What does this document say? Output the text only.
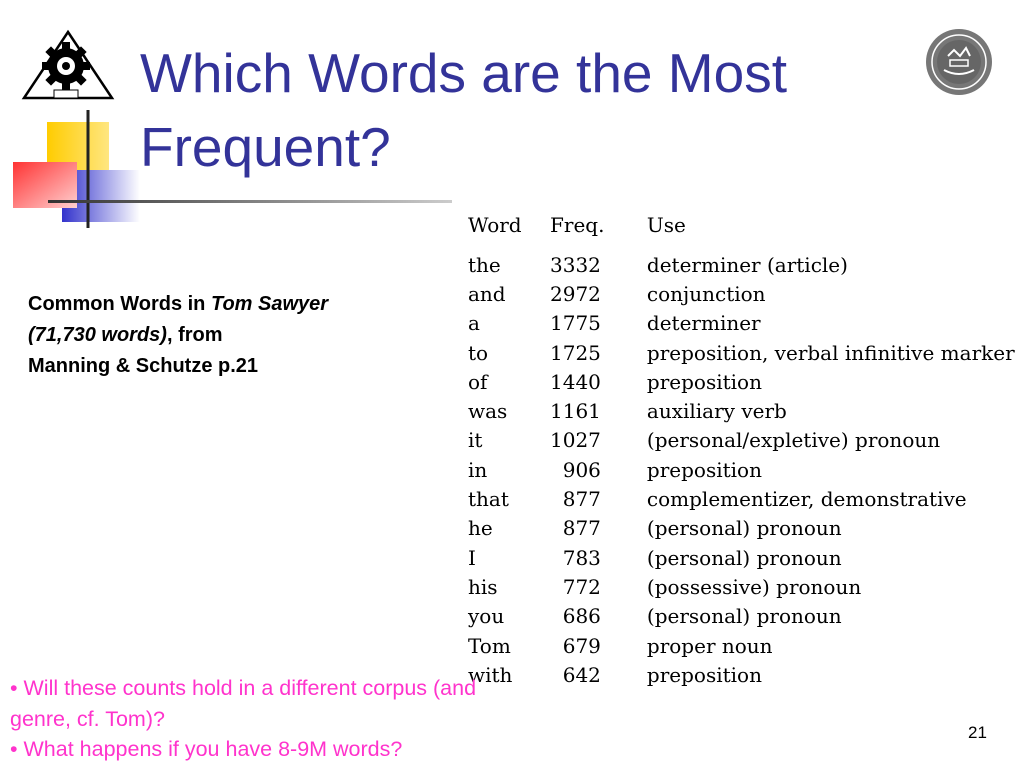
Which Words are the Most Frequent?

Common Words in Tom Sawyer (71,730 words), from

Manning & Schutze p.21

Word	Freq.	Use

the	3332	determiner (article)
and	2972	conjunction
a	1775	determiner
to	1725	preposition, verbal infinitive marker
of	1440	preposition
was	1161	auxiliary verb
it	1027	(personal/expletive) pronoun
in	906	preposition
that	877	complementizer, demonstrative
he	877	(personal) pronoun
I	783	(personal) pronoun
his	772	(possessive) pronoun
you	686	(personal) pronoun
Tom	679	proper noun
with	642	preposition

• Will these counts hold in a different corpus (and genre, cf. Tom)?

• What happens if you have 8-9M words?

21
